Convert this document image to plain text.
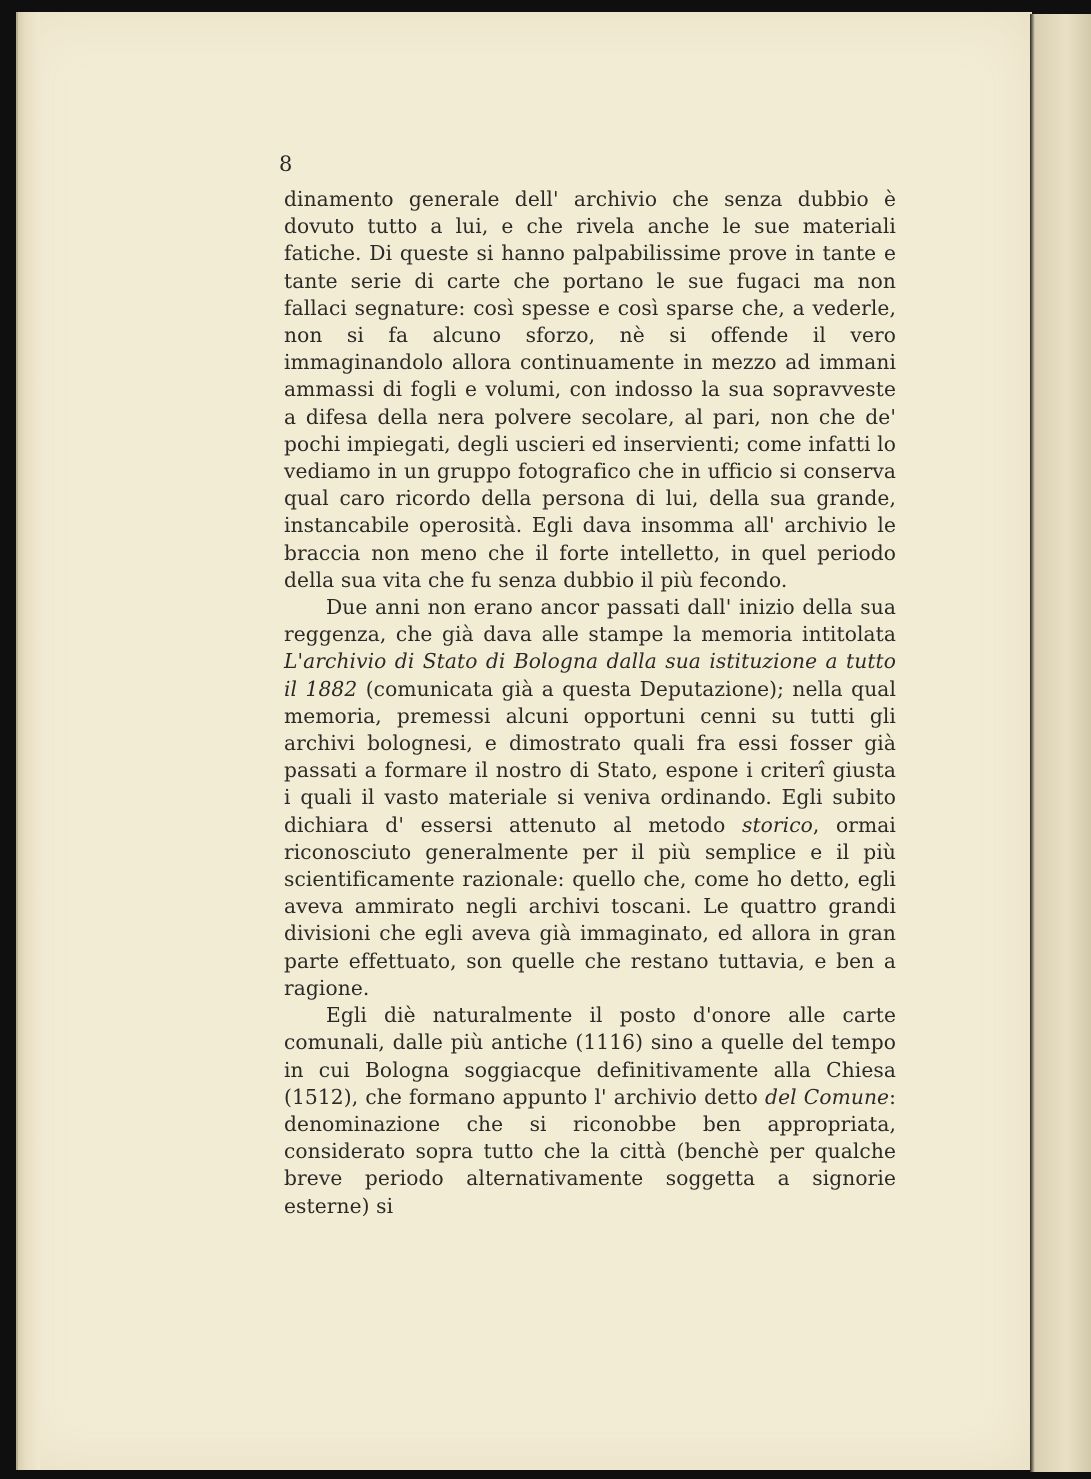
8

dinamento generale dell' archivio che senza dubbio è dovuto tutto a lui, e che rivela anche le sue materiali fatiche. Di queste si hanno palpabilissime prove in tante e tante serie di carte che portano le sue fugaci ma non fallaci segnature: così spesse e così sparse che, a vederle, non si fa alcuno sforzo, nè si offende il vero immaginandolo allora continuamente in mezzo ad immani ammassi di fogli e volumi, con indosso la sua sopravveste a difesa della nera polvere secolare, al pari, non che de' pochi impiegati, degli uscieri ed inservienti; come infatti lo vediamo in un gruppo fotografico che in ufficio si conserva qual caro ricordo della persona di lui, della sua grande, instancabile operosità. Egli dava insomma all' archivio le braccia non meno che il forte intelletto, in quel periodo della sua vita che fu senza dubbio il più fecondo.

Due anni non erano ancor passati dall' inizio della sua reggenza, che già dava alle stampe la memoria intitolata L'archivio di Stato di Bologna dalla sua istituzione a tutto il 1882 (comunicata già a questa Deputazione); nella qual memoria, premessi alcuni opportuni cenni su tutti gli archivi bolognesi, e dimostrato quali fra essi fosser già passati a formare il nostro di Stato, espone i criterî giusta i quali il vasto materiale si veniva ordinando. Egli subito dichiara d' essersi attenuto al metodo storico, ormai riconosciuto generalmente per il più semplice e il più scientificamente razionale: quello che, come ho detto, egli aveva ammirato negli archivi toscani. Le quattro grandi divisioni che egli aveva già immaginato, ed allora in gran parte effettuato, son quelle che restano tuttavia, e ben a ragione.

Egli diè naturalmente il posto d'onore alle carte comunali, dalle più antiche (1116) sino a quelle del tempo in cui Bologna soggiacque definitivamente alla Chiesa (1512), che formano appunto l' archivio detto del Comune: denominazione che si riconobbe ben appropriata, considerato sopra tutto che la città (benchè per qualche breve periodo alternativamente soggetta a signorie esterne) si
